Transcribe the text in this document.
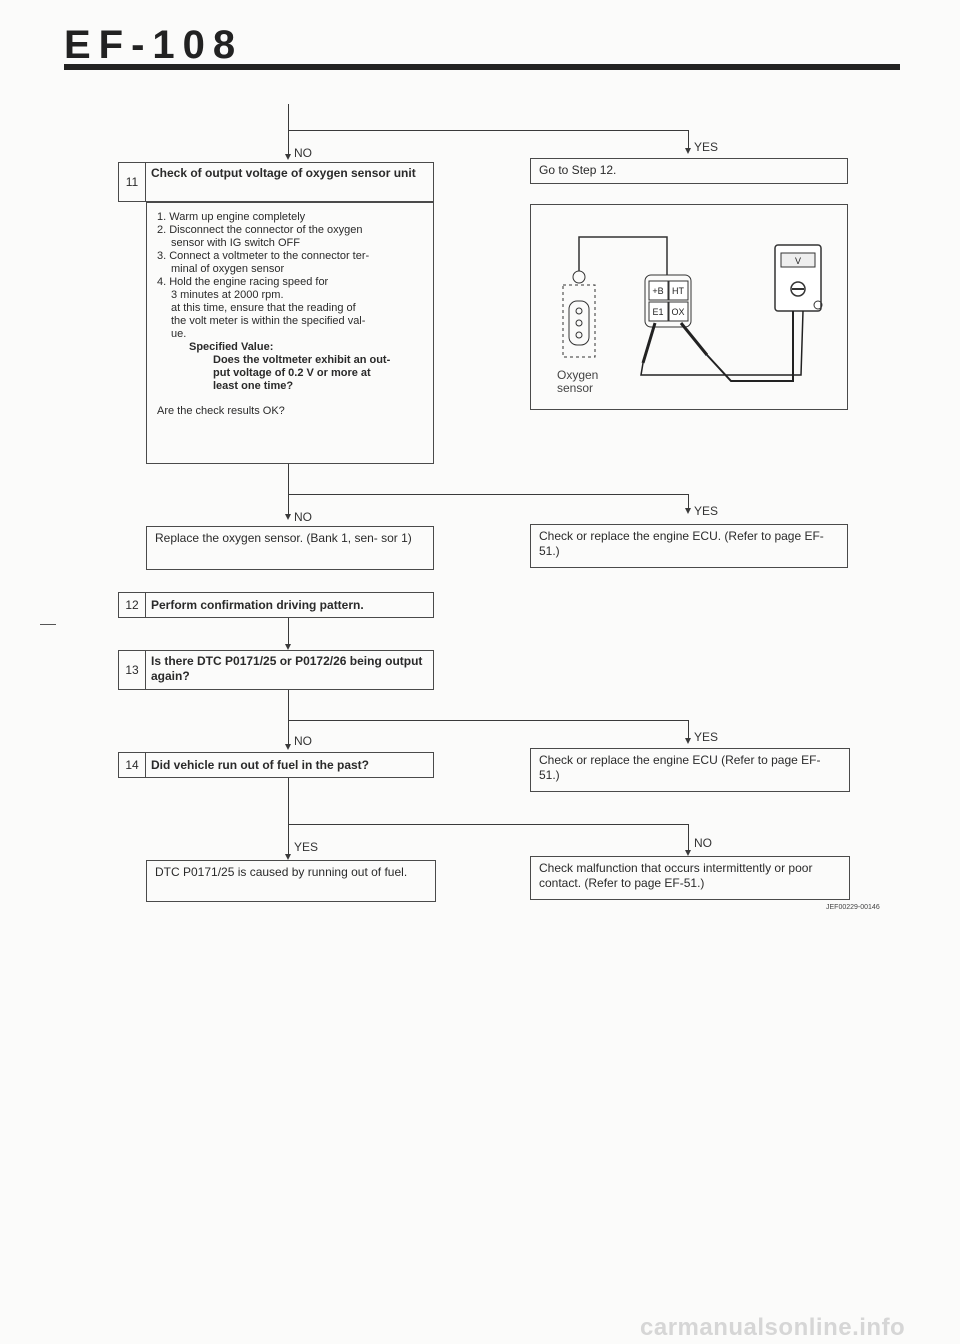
EF-108
NO	YES
11
Check of output voltage of oxygen sensor unit

1. Warm up engine completely

2. Disconnect the connector of the oxygen

sensor with IG switch OFF

3. Connect a voltmeter to the connector ter-

minal of oxygen sensor

4. Hold the engine racing speed for

3 minutes at 2000 rpm.

at this time, ensure that the reading of

the volt meter is within the specified val-

ue.

Specified Value:

Does the voltmeter exhibit an out-

put voltage of 0.2 V or more at

least one time?

Are the check results OK?

Go to Step 12.
+B HT
E1 OX
V
Oxygen sensor
NO	YES
Replace the oxygen sensor. (Bank 1, sen- sor 1)	Check or replace the engine ECU. (Refer to page EF-51.)
12	Perform confirmation driving pattern.
13
Is there DTC P0171/25 or P0172/26 being output again?
NO	YES
14	Did vehicle run out of fuel in the past?	Check or replace the engine ECU (Refer to page EF-51.)
YES	NO
DTC P0171/25 is caused by running out of fuel.	Check malfunction that occurs intermittently or poor contact. (Refer to page EF-51.)
JEF00229-00146
carmanualsonline.info
